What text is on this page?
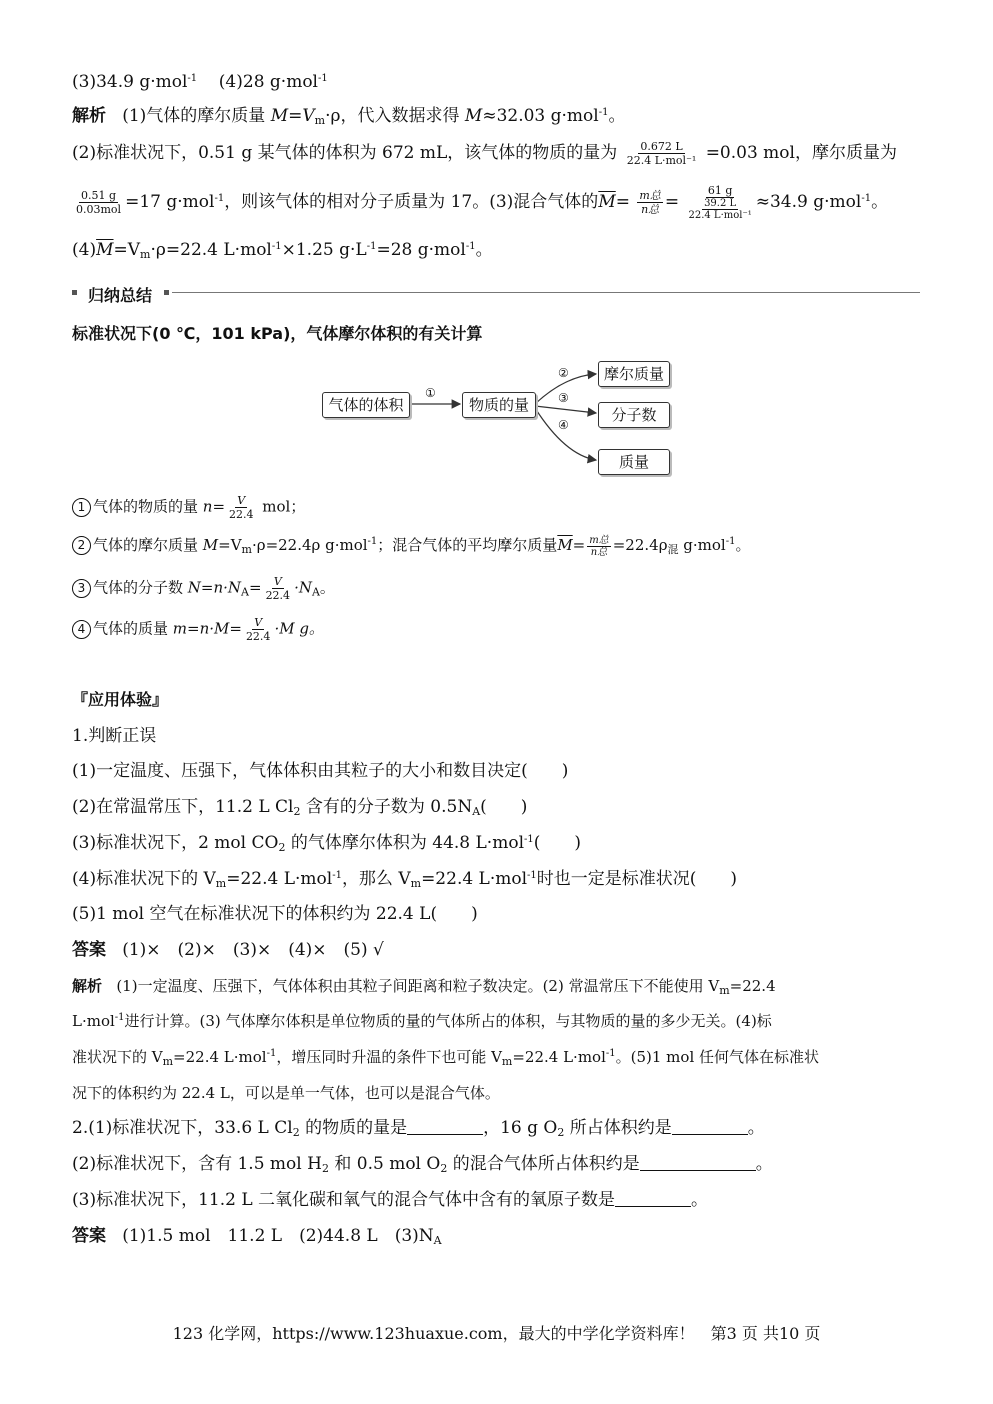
(3)34.9 g·mol$^{-1}$ (4)28 g·mol$^{-1}$
解析 (1)气体的摩尔质量 $M=V_m\cdot\rho$，代入数据求得 M≈32.03 g·mol$^{-1}$。
(2)标准状况下，0.51 g 某气体的体积为 672 mL，该气体的物质的量为 $\frac{0.672 L}{\text{22.4 L·mol⁻¹}} =0.03$ mol，摩尔质量为
$\frac{0.51 g}{\text{0.03mol}} =17$ g·mol$^{-1}$，则该气体的相对分子质量为 17。(3)混合气体的$\overline{M}= \frac{\text{m总}}{\text{n总}} = \frac{61 g}{\frac{39.2 L}{\text{22.4 L·mol⁻¹}}} \approx 34.9$ g·mol$^{-1}$。
$(4)\overline{M}=V_m\cdot\rho=22.4$ L·mol$^{-1}$×1.25 $g\cdot L^{-1}=28$ g·mol$^{-1}$。
归纳总结
标准状况下(0 ℃，101 kPa)，气体摩尔体积的有关计算
气体的体积	物质的量
摩尔质量
分子数
质量
①
②
③
④
1 气体的物质的量 $n= \frac{V}{22.4}$ mol；
2 气体的摩尔质量 $M=V_m\cdot\rho=22.4\rho$ g·mol$^{-1}$；混合气体的平均摩尔质量$\overline{M}= \frac{\text{m总}}{\text{n总}} =22.4\rho_混$ g·mol$^{-1}$。
3 气体的分子数 $N=n\cdot N_A= \frac{V}{22.4} \cdot N_A$。
4 气体的质量 $m=n\cdot M= \frac{V}{22.4} \cdot M$ g。
『应用体验』
1.判断正误
(1)一定温度、压强下，气体体积由其粒子的大小和数目决定(　　)
(2)在常温常压下，11.2 L $Cl_2$ 含有的分子数为 $0.5N_A$(　　)
(3)标准状况下，2 mol $CO_2$ 的气体摩尔体积为 44.8 L·mol$^{-1}$(　　)
(4)标准状况下的 $V_m=22.4$ L·mol$^{-1}$，那么 $V_m=22.4$ L·mol$^{-1}$时也一定是标准状况(　　)
(5)1 mol 空气在标准状况下的体积约为 22.4 L(　　)
答案 (1)×　(2)×　(3)×　(4)×　(5) √
解析 (1)一定温度、压强下，气体体积由其粒子间距离和粒子数决定。(2) 常温常压下不能使用 $V_m=22.4$
L·mol$^{-1}$进行计算。(3) 气体摩尔体积是单位物质的量的气体所占的体积，与其物质的量的多少无关。(4)标
准状况下的 $V_m=22.4$ L·mol$^{-1}$，增压同时升温的条件下也可能 $V_m=22.4$ L·mol$^{-1}$。(5)1 mol 任何气体在标准状
况下的体积约为 22.4 L，可以是单一气体，也可以是混合气体。
2.(1)标准状况下，33.6 L $Cl_2$ 的物质的量是	，16 g $O_2$ 所占体积约是	。
(2)标准状况下，含有 1.5 mol $H_2$ 和 0.5 mol $O_2$ 的混合气体所占体积约是	。
(3)标准状况下，11.2 L 二氧化碳和氧气的混合气体中含有的氧原子数是	。
答案 (1)1.5 mol　11.2 L　(2)44.8 L　$(3)N_A$
123 化学网，https://www.123huaxue.com，最大的中学化学资料库！　第3 页 共10 页
